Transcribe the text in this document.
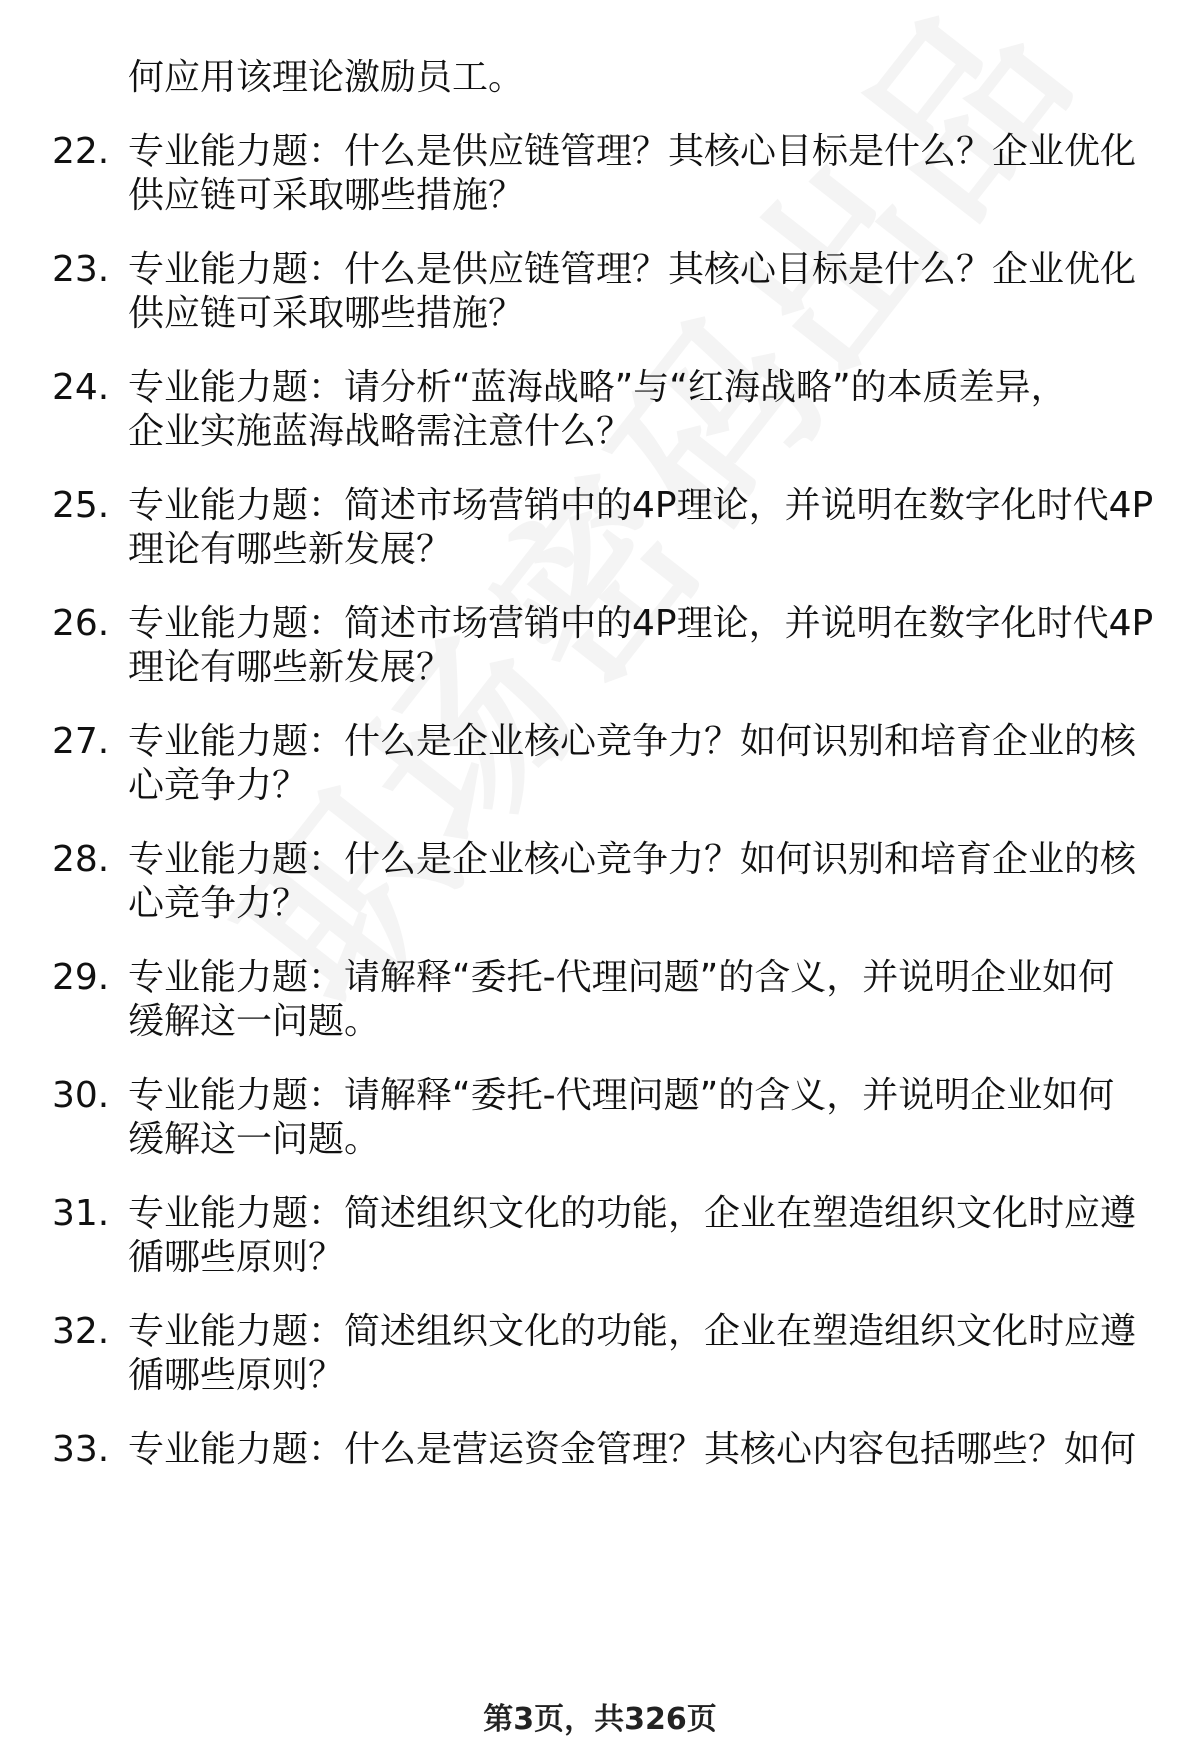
何应用该理论激励员工。
22. 专业能力题：什么是供应链管理？其核心目标是什么？企业优化
供应链可采取哪些措施？
23. 专业能力题：什么是供应链管理？其核心目标是什么？企业优化
供应链可采取哪些措施？
24. 专业能力题：请分析“蓝海战略”与“红海战略”的本质差异，
企业实施蓝海战略需注意什么？
25. 专业能力题：简述市场营销中的4P理论，并说明在数字化时代4P
理论有哪些新发展？
26. 专业能力题：简述市场营销中的4P理论，并说明在数字化时代4P
理论有哪些新发展？
27. 专业能力题：什么是企业核心竞争力？如何识别和培育企业的核
心竞争力？
28. 专业能力题：什么是企业核心竞争力？如何识别和培育企业的核
心竞争力？
29. 专业能力题：请解释“委托-代理问题”的含义，并说明企业如何
缓解这一问题。
30. 专业能力题：请解释“委托-代理问题”的含义，并说明企业如何
缓解这一问题。
31. 专业能力题：简述组织文化的功能，企业在塑造组织文化时应遵
循哪些原则？
32. 专业能力题：简述组织文化的功能，企业在塑造组织文化时应遵
循哪些原则？
33. 专业能力题：什么是营运资金管理？其核心内容包括哪些？如何
第3页，共326页
